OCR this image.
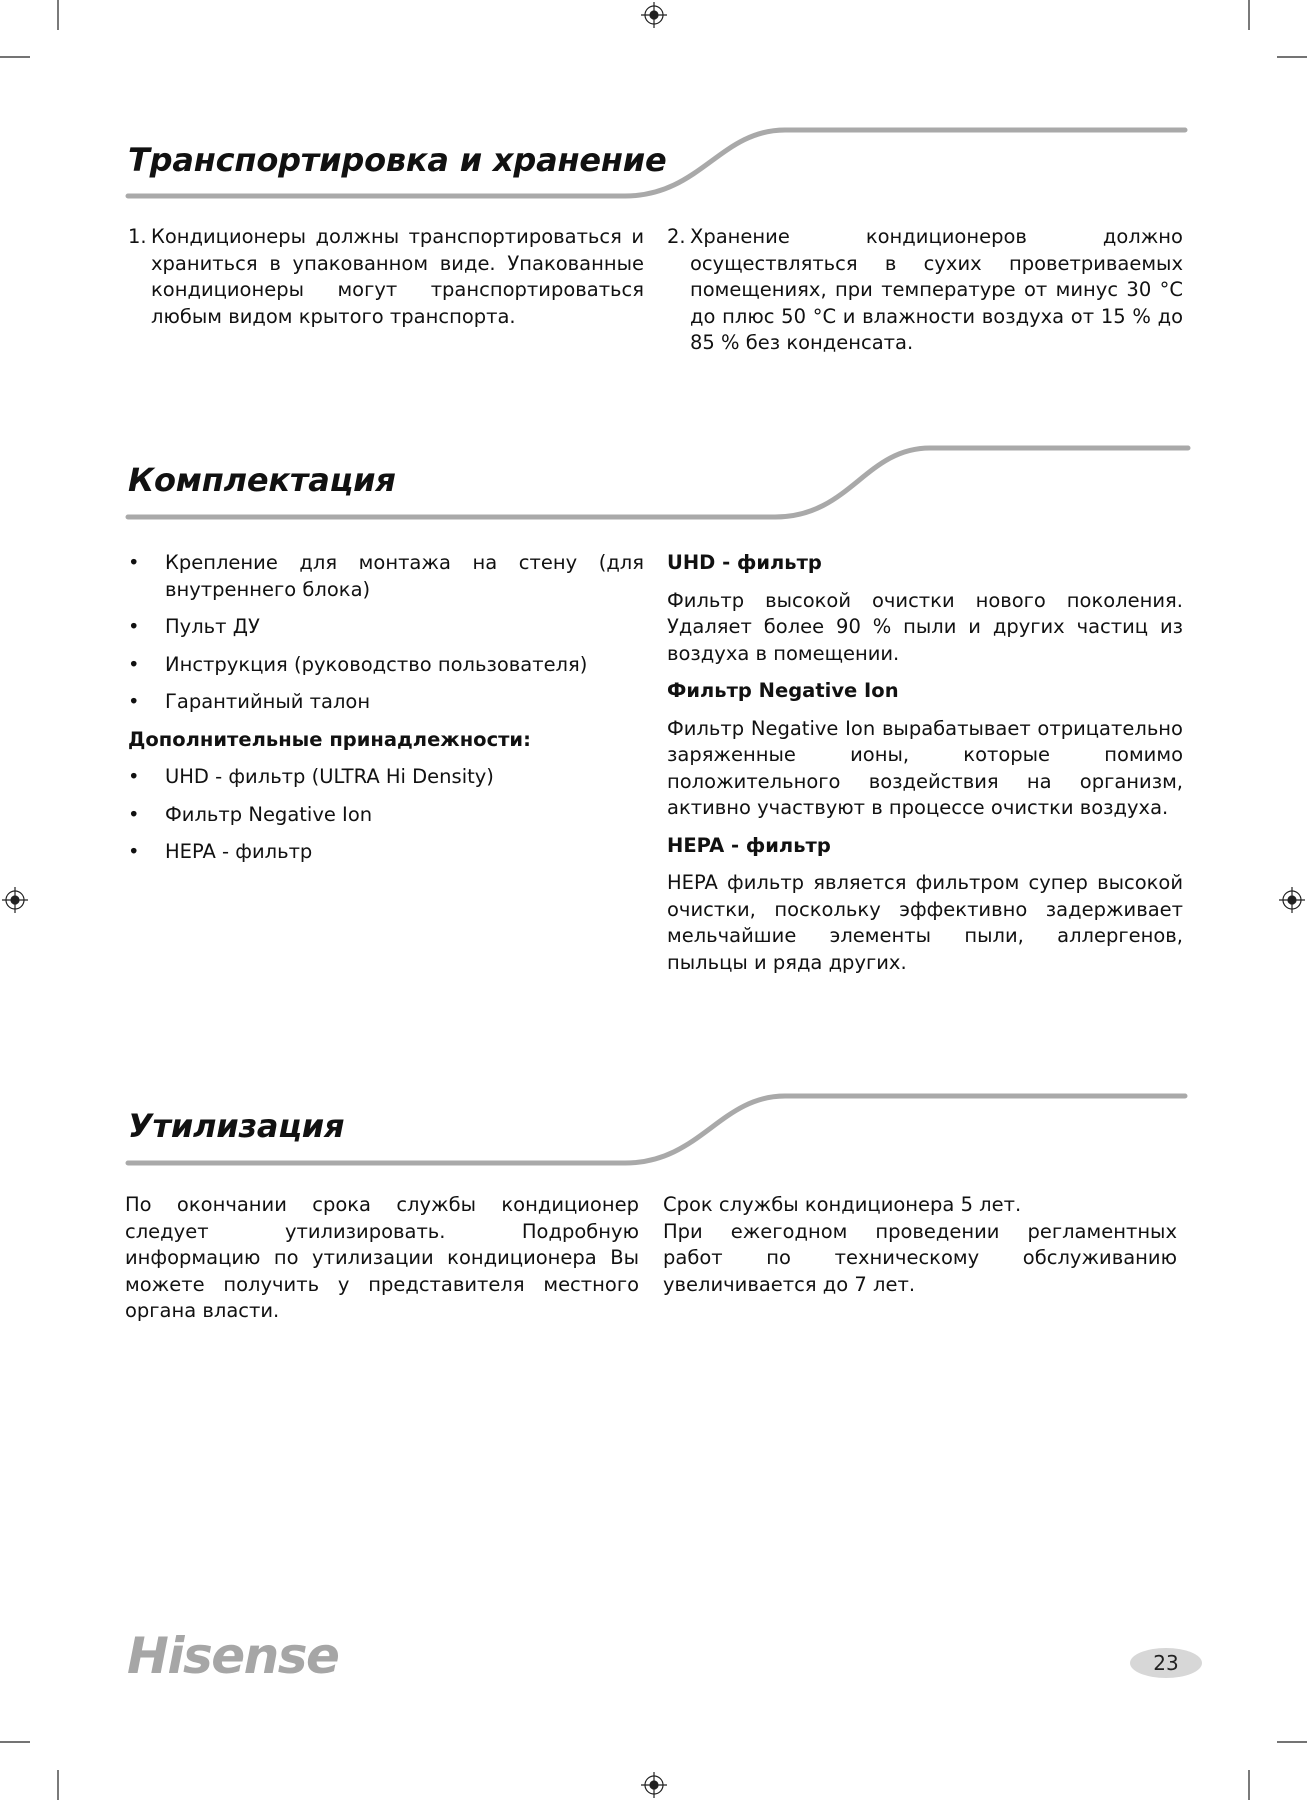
Транспортировка и хранение
1. Кондиционеры должны транспортироваться и храниться в упакованном виде. Упакованные кондиционеры могут транспортироваться любым видом крытого транспорта.
2. Хранение кондиционеров должно осуществляться в сухих проветриваемых помещениях, при температуре от минус 30 °С до плюс 50 °С и влажности воздуха от 15 % до 85 % без конденсата.
Комплектация
• Крепление для монтажа на стену (для внутреннего блока)
• Пульт ДУ
• Инструкция (руководство пользователя)
• Гарантийный талон
Дополнительные принадлежности:
• UHD - фильтр (ULTRA Hi Density)
• Фильтр Negative Ion
• HEPA - фильтр
UHD - фильтр
Фильтр высокой очистки нового поколения. Удаляет более 90 % пыли и других частиц из воздуха в помещении.
Фильтр Negative Ion
Фильтр Negative Ion вырабатывает отрицательно заряженные ионы, которые помимо положительного воздействия на организм, активно участвуют в процессе очистки воздуха.
HEPA - фильтр
HEPA фильтр является фильтром супер высокой очистки, поскольку эффективно задерживает мельчайшие элементы пыли, аллергенов, пыльцы и ряда других.
Утилизация
По окончании срока службы кондиционер следует утилизировать. Подробную информацию по утилизации кондиционера Вы можете получить у представителя местного органа власти.
Срок службы кондиционера 5 лет.
При ежегодном проведении регламентных работ по техническому обслуживанию увеличивается до 7 лет.
Hisense	23
